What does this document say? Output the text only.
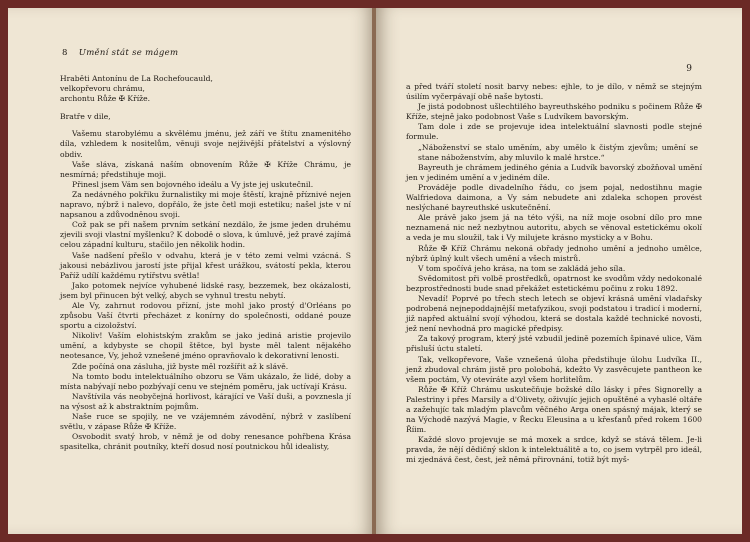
8 Umění stát se mágem

Hraběti Antonínu de La Rochefoucauld,

velkopřevoru chrámu,

archontu Růže ✠ Kříže.

Bratře v dile,

Vašemu starobylému a skvělému jménu, jež září ve štítu znamenitého díla, vzhledem k nositelům, věnuji svoje nejživější přátelství a výslovný obdiv.

Vaše sláva, získaná naším obnovením Růže ✠ Kříže Chrámu, je nesmírná; předstihuje moji.

Přinesl jsem Vám sen bojovného ideálu a Vy jste jej uskutečnil.

Za nedávného pokřiku žurnalistiky mi moje štěstí, krajně příznivé nejen napravo, nýbrž i nalevo, dopřálo, že jste četl moji estetiku; našel jste v ní napsanou a zdůvodněnou svoji.

Což pak se při našem prvním setkání nezdálo, že jsme jeden druhému zjevili svoji vlastní myšlenku? K dobodě o slova, k úmluvě, jež pravé zajímá celou západní kulturu, stačilo jen několik hodin.

Vaše nadšení přešlo v odvahu, která je v této zemi velmi vzácná. S jakousi nebázlivou jarostí jste přijal křest urážkou, svátostí pekla, kterou Paříž udílí každému rytířstvu světla!

Jako potomek nejvíce vyhubené lidské rasy, bezzemek, bez okázalosti, jsem byl přinucen být velký, abych se vyhnul trestu nebytí.

Ale Vy, zahrnut rodovou přízní, jste mohl jako prostý d'Orléans po způsobu Vaší čtvrti přecházet z konírny do společnosti, oddané pouze sportu a cizoložství.

Nikoliv! Vaším elohistským zrakům se jako jediná aristie projevilo umění, a kdybyste se chopil štětce, byl byste měl talent nějakého neotesance, Vy, jehož vznešené jméno opravňovalo k dekorativní lenosti.

Zde počíná ona zásluha, již byste měl rozšířit až k slávě.

Na tomto bodu intelektuálního obzoru se Vám ukázalo, že lidé, doby a místa nabývají nebo pozbývají cenu ve stejném poměru, jak uctívají Krásu.

Navštívila vás neobyčejná horlivost, kárající ve Vaší duši, a povznesla jí na výsost až k abstraktním pojmům.

Naše ruce se spojily, ne ve vzájemném závodění, nýbrž v zaslíbení světlu, v zápase Růže ✠ Kříže.

Osvobodit svatý hrob, v němž je od doby renesance pohřbena Krása spasitelka, chránit poutníky, kteří dosud nosí poutnickou hůl idealisty,

9

a před tváří století nosit barvy nebes: ejhle, to je dílo, v němž se stejným úsilím vyčerpávají obě naše bytosti.

Je jistá podobnost ušlechtilého bayreuthského podniku s počinem Růže ✠ Kříže, stejně jako podobnost Vaše s Ludvíkem bavorským.

Tam dole i zde se projevuje idea intelektuální slavnosti podle stejné formule.

„Náboženství se stalo uměním, aby umělo k čistým zjevům; umění se stane náboženstvím, aby mluvilo k malé hrstce.“

Bayreuth je chrámem jediného génia a Ludvík bavorský zbožňoval umění jen v jediném umění a v jediném díle.

Prováděje podle divadelního řádu, co jsem pojal, nedostihnu magie Walfriedova daimona, a Vy sám nebudete ani zdaleka schopen provést neslýchané bayreuthské uskutečnění.

Ale právě jako jsem já na této výši, na níž moje osobní dílo pro mne neznamená nic než nezbytnou autoritu, abych se věnoval estetickému okolí a veda je mu sloužil, tak i Vy milujete krásno mysticky a v Bohu.

Růže ✠ Kříž Chrámu nekoná obřady jednoho umění a jednoho umělce, nýbrž úplný kult všech umění a všech mistrů.

V tom spočívá jeho krása, na tom se zakládá jeho síla.

Svědomitost při volbě prostředků, opatrnost ke svodům vždy nedokonalé bezprostřednosti bude snad překážet estetickému počinu z roku 1892.

Nevadí! Poprvé po třech stech letech se objeví krásná umění vladařsky podrobená nejnepoddajnější metafyzikou, svoji podstatou i tradicí i moderní, již napřed aktuální svojí výhodou, která se dostala každé technické novosti, jež není nevhodná pro magické předpisy.

Za takový program, který jsté vzbudil jedině pozemích špinavé ulice, Vám přisluší úctu staletí.

Tak, velkopřevore, Vaše vznešená úloha předstihuje úlohu Ludvíka II., jenž zbudoval chrám jistě pro polobohá, kdežto Vy zasvěcujete pantheon ke všem poctám, Vy otevíráte azyl všem horlitelům.

Růže ✠ Kříž Chrámu uskutečňuje božské dílo lásky i přes Signorelly a Palestriny i přes Marsily a d'Olivety, oživujíc jejich opuštěné a vyhaslé oltáře a zažehujíc tak mladým plavcům věčného Arga onen spásný májak, který se na Východě nazývá Magie, v Řecku Eleusina a u křesťanů před rokem 1600 Říim.

Každé slovo projevuje se má moxek a srdce, když se stává tělem. Je-li pravda, že nějí dědičný sklon k intelektuálitě a to, co jsem vytrpěl pro ideál, mi zjednává čest, čest, jež němá přirovnání, totiž být myš-
